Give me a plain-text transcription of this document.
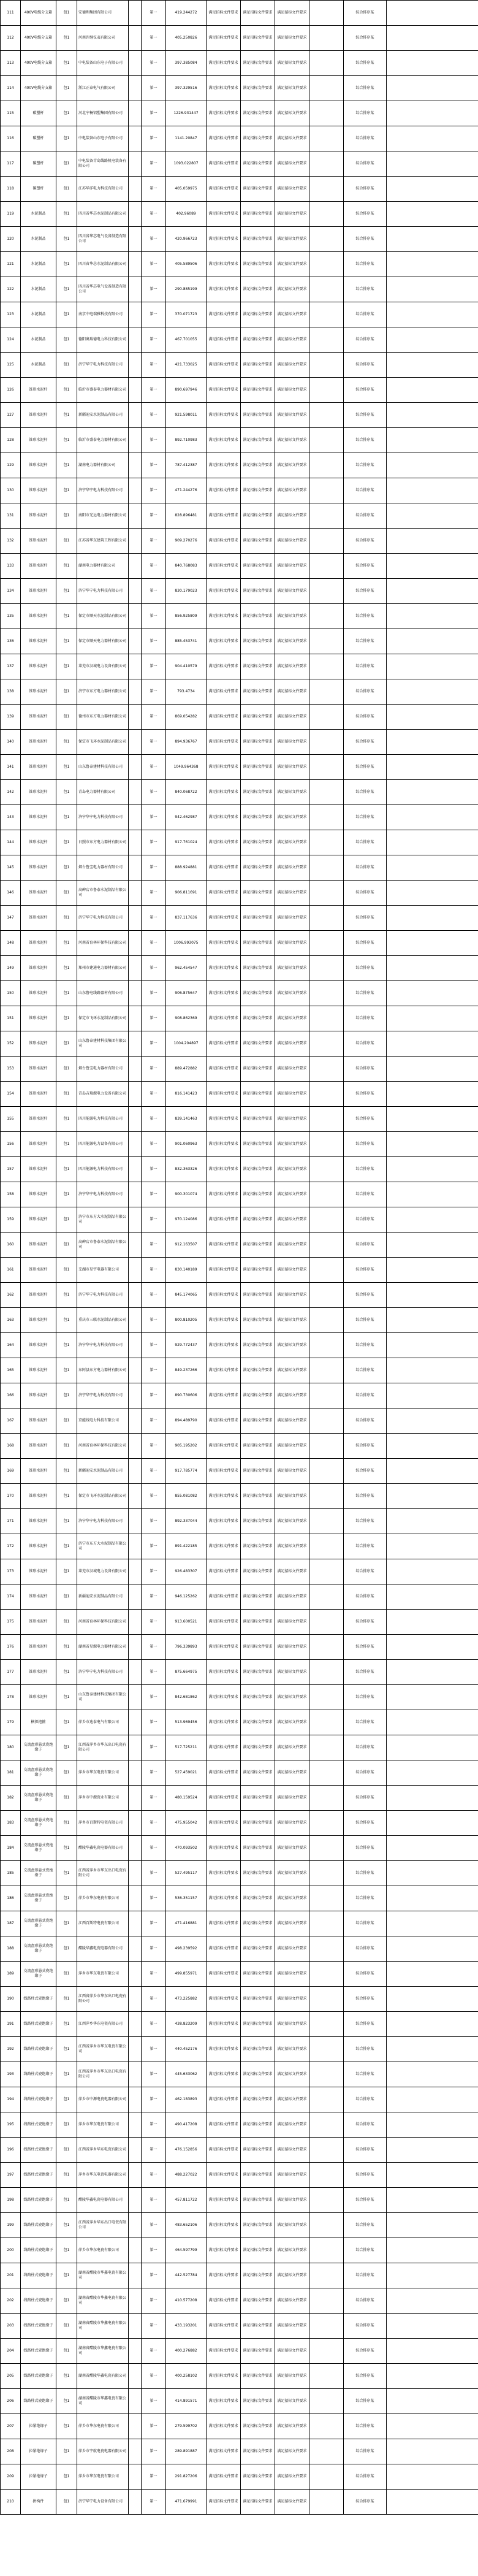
111	400V电缆分支箱	包1	安德利集团有限公司		第一	419.244272	满足招标文件要求	满足招标文件要求	满足招标文件要求		综合排序某	
112	400V电缆分支箱	包1	河南许继仪表有限公司		第一	405.250826	满足招标文件要求	满足招标文件要求	满足招标文件要求		综合排序某	
113	400V电缆分支箱	包1	中电装备山东电子有限公司		第一	397.385084	满足招标文件要求	满足招标文件要求	满足招标文件要求		综合排序某	
114	400V电缆分支箱	包1	浙江正泰电气有限公司		第一	397.329516	满足招标文件要求	满足招标文件要求	满足招标文件要求		综合排序某	
115	碳塑杆	包1	河北宁杨铝塑集团有限公司		第一	1226.931447	满足招标文件要求	满足招标文件要求	满足招标文件要求		综合排序某	
116	碳塑杆	包1	中电装备山东电子有限公司		第一	1141.20847	满足招标文件要求	满足招标文件要求	满足招标文件要求		综合排序某	
117	碳塑杆	包1	中电装备青岛线路机电装备有限公司		第一	1093.022807	满足招标文件要求	满足招标文件要求	满足招标文件要求		综合排序某	
118	碳塑杆	包1	江苏华洋电力科技有限公司		第一	405.059975	满足招标文件要求	满足招标文件要求	满足招标文件要求		综合排序某	
119	水泥制品	包1	四川省华芯水泥制品有限公司		第一	402.96089	满足招标文件要求	满足招标文件要求	满足招标文件要求		综合排序某	
120	水泥制品	包1	四川省华芯电气设备制造有限公司		第一	420.966723	满足招标文件要求	满足招标文件要求	满足招标文件要求		综合排序某	
121	水泥制品	包1	四川省华芯水泥制品有限公司		第一	405.589506	满足招标文件要求	满足招标文件要求	满足招标文件要求		综合排序某	
122	水泥制品	包1	四川省华芯电气设备制造有限公司		第一	290.885199	满足招标文件要求	满足招标文件要求	满足招标文件要求		综合排序某	
123	水泥制品	包1	南京中电瑞雅科技有限公司		第一	370.071723	满足招标文件要求	满足招标文件要求	满足招标文件要求		综合排序某	
124	水泥制品	包1	德阳奥瑞德电力科技有限公司		第一	467.701055	满足招标文件要求	满足招标文件要求	满足招标文件要求		综合排序某	
125	水泥制品	包1	济宁华宁电力科技有限公司		第一	421.733025	满足招标文件要求	满足招标文件要求	满足招标文件要求		综合排序某	
126	锥形水泥杆	包1	临沂市盛泰电力器材有限公司		第一	890.697946	满足招标文件要求	满足招标文件要求	满足招标文件要求		综合排序某	
127	锥形水泥杆	包1	新疆迪安水泥制品有限公司		第一	921.598011	满足招标文件要求	满足招标文件要求	满足招标文件要求		综合排序某	
128	锥形水泥杆	包1	临沂市盛泰电力器材有限公司		第一	892.710983	满足招标文件要求	满足招标文件要求	满足招标文件要求		综合排序某	
129	锥形水泥杆	包1	湖南电力器材有限公司		第一	787.412387	满足招标文件要求	满足招标文件要求	满足招标文件要求		综合排序某	
130	锥形水泥杆	包1	济宁华宁电力科技有限公司		第一	471.244276	满足招标文件要求	满足招标文件要求	满足招标文件要求		综合排序某	
131	锥形水泥杆	包1	南阳市光远电力器材有限公司		第一	828.896481	满足招标文件要求	满足招标文件要求	满足招标文件要求		综合排序某	
132	锥形水泥杆	包1	江苏省华东建筑工程有限公司		第一	909.270276	满足招标文件要求	满足招标文件要求	满足招标文件要求		综合排序某	
133	锥形水泥杆	包1	湖南电力器材有限公司		第一	840.768083	满足招标文件要求	满足招标文件要求	满足招标文件要求		综合排序某	
134	锥形水泥杆	包1	济宁华宁电力科技有限公司		第一	830.179023	满足招标文件要求	满足招标文件要求	满足招标文件要求		综合排序某	
135	锥形水泥杆	包1	保定市顺天水泥制品有限公司		第一	856.925809	满足招标文件要求	满足招标文件要求	满足招标文件要求		综合排序某	
136	锥形水泥杆	包1	保定市顺天电力器材有限公司		第一	885.453741	满足招标文件要求	满足招标文件要求	满足招标文件要求		综合排序某	
137	锥形水泥杆	包1	莱芜市汉城电力设备有限公司		第一	904.410579	满足招标文件要求	满足招标文件要求	满足招标文件要求		综合排序某	
138	锥形水泥杆	包1	济宁市东方电力器材有限公司		第一	793.4734	满足招标文件要求	满足招标文件要求	满足招标文件要求		综合排序某	
139	锥形水泥杆	包1	德州市东方电力器材有限公司		第一	869.054282	满足招标文件要求	满足招标文件要求	满足招标文件要求		综合排序某	
140	锥形水泥杆	包1	保定市飞环水泥制品有限公司		第一	894.936767	满足招标文件要求	满足招标文件要求	满足招标文件要求		综合排序某	
141	锥形水泥杆	包1	山东鲁泰建材科技有限公司		第一	1049.964368	满足招标文件要求	满足招标文件要求	满足招标文件要求		综合排序某	
142	锥形水泥杆	包1	青岛电力器材有限公司		第一	840.068722	满足招标文件要求	满足招标文件要求	满足招标文件要求		综合排序某	
143	锥形水泥杆	包1	济宁华宁电力科技有限公司		第一	942.462987	满足招标文件要求	满足招标文件要求	满足招标文件要求		综合排序某	
144	锥形水泥杆	包1	日照市东方电力器材有限公司		第一	917.761024	满足招标文件要求	满足招标文件要求	满足招标文件要求		综合排序某	
145	锥形水泥杆	包1	烟台鲁宝电力器材有限公司		第一	888.924881	满足招标文件要求	满足招标文件要求	满足招标文件要求		综合排序某	
146	锥形水泥杆	包1	高碑店市鲁泰水泥制品有限公司		第一	906.811691	满足招标文件要求	满足招标文件要求	满足招标文件要求		综合排序某	
147	锥形水泥杆	包1	济宁华宁电力科技有限公司		第一	837.117636	满足招标文件要求	满足招标文件要求	满足招标文件要求		综合排序某	
148	锥形水泥杆	包1	河南省育林环保科技有限公司		第一	1006.993075	满足招标文件要求	满足招标文件要求	满足招标文件要求		综合排序某	
149	锥形水泥杆	包1	郑州市建通电力器材有限公司		第一	962.454547	满足招标文件要求	满足招标文件要求	满足招标文件要求		综合排序某	
150	锥形水泥杆	包1	山东鲁电线路器材有限公司		第一	906.875647	满足招标文件要求	满足招标文件要求	满足招标文件要求		综合排序某	
151	锥形水泥杆	包1	保定市飞环水泥制品有限公司		第一	908.862369	满足招标文件要求	满足招标文件要求	满足招标文件要求		综合排序某	
152	锥形水泥杆	包1	山东鲁泰建材科技集团有限公司		第一	1004.204897	满足招标文件要求	满足招标文件要求	满足招标文件要求		综合排序某	
153	锥形水泥杆	包1	烟台鲁宝电力器材有限公司		第一	889.472882	满足招标文件要求	满足招标文件要求	满足招标文件要求		综合排序某	
154	锥形水泥杆	包1	青岛吉瑞源电力设备有限公司		第一	816.141423	满足招标文件要求	满足招标文件要求	满足招标文件要求		综合排序某	
155	锥形水泥杆	包1	四川能源电力科技有限公司		第一	839.141463	满足招标文件要求	满足招标文件要求	满足招标文件要求		综合排序某	
156	锥形水泥杆	包1	四川能源电力设备有限公司		第一	901.060963	满足招标文件要求	满足招标文件要求	满足招标文件要求		综合排序某	
157	锥形水泥杆	包1	四川能源电力科技有限公司		第一	832.363326	满足招标文件要求	满足招标文件要求	满足招标文件要求		综合排序某	
158	锥形水泥杆	包1	济宁华宁电力科技有限公司		第一	900.301074	满足招标文件要求	满足招标文件要求	满足招标文件要求		综合排序某	
159	锥形水泥杆	包1	济宁市东方大水泥制品有限公司		第一	970.124086	满足招标文件要求	满足招标文件要求	满足招标文件要求		综合排序某	
160	锥形水泥杆	包1	高碑店市鲁泰水泥制品有限公司		第一	912.163507	满足招标文件要求	满足招标文件要求	满足招标文件要求		综合排序某	
161	锥形水泥杆	包1	芜湖市星宇电器有限公司		第一	830.140189	满足招标文件要求	满足招标文件要求	满足招标文件要求		综合排序某	
162	锥形水泥杆	包1	济宁华宁电力科技有限公司		第一	845.174065	满足招标文件要求	满足招标文件要求	满足招标文件要求		综合排序某	
163	锥形水泥杆	包1	重庆市三联水泥制品有限公司		第一	800.810205	满足招标文件要求	满足招标文件要求	满足招标文件要求		综合排序某	
164	锥形水泥杆	包1	济宁华宁电力科技有限公司		第一	929.772437	满足招标文件要求	满足招标文件要求	满足招标文件要求		综合排序某	
165	锥形水泥杆	包1	东阿县东方电力器材有限公司		第一	849.237266	满足招标文件要求	满足招标文件要求	满足招标文件要求		综合排序某	
166	锥形水泥杆	包1	济宁华宁电力科技有限公司		第一	890.730606	满足招标文件要求	满足招标文件要求	满足招标文件要求		综合排序某	
167	锥形水泥杆	包1	京能线电力科技有限公司		第一	894.489790	满足招标文件要求	满足招标文件要求	满足招标文件要求		综合排序某	
168	锥形水泥杆	包1	河南省育林环保科技有限公司		第一	905.195202	满足招标文件要求	满足招标文件要求	满足招标文件要求		综合排序某	
169	锥形水泥杆	包1	新疆迪安水泥制品有限公司		第一	917.785774	满足招标文件要求	满足招标文件要求	满足招标文件要求		综合排序某	
170	锥形水泥杆	包1	保定市飞环水泥制品有限公司		第一	855.081082	满足招标文件要求	满足招标文件要求	满足招标文件要求		综合排序某	
171	锥形水泥杆	包1	济宁华宁电力科技有限公司		第一	892.337044	满足招标文件要求	满足招标文件要求	满足招标文件要求		综合排序某	
172	锥形水泥杆	包1	济宁市东方大水泥制品有限公司		第一	891.422185	满足招标文件要求	满足招标文件要求	满足招标文件要求		综合排序某	
173	锥形水泥杆	包1	莱芜市汉城电力设备有限公司		第一	926.483307	满足招标文件要求	满足招标文件要求	满足招标文件要求		综合排序某	
174	锥形水泥杆	包1	新疆迪安水泥制品有限公司		第一	946.125262	满足招标文件要求	满足招标文件要求	满足招标文件要求		综合排序某	
175	锥形水泥杆	包1	河南省育林环保科技有限公司		第一	913.600521	满足招标文件要求	满足招标文件要求	满足招标文件要求		综合排序某	
176	锥形水泥杆	包1	湖南省星源电力器材有限公司		第一	796.339893	满足招标文件要求	满足招标文件要求	满足招标文件要求		综合排序某	
177	锥形水泥杆	包1	济宁华宁电力科技有限公司		第一	875.664975	满足招标文件要求	满足招标文件要求	满足招标文件要求		综合排序某	
178	锥形水泥杆	包1	山东鲁泰建材科技集团有限公司		第一	842.681862	满足招标文件要求	满足招标文件要求	满足招标文件要求		综合排序某	
179	横担抱箍	包1	萍乡市迪泰电气有限公司		第一	513.969456	满足招标文件要求	满足招标文件要求	满足招标文件要求		综合排序某	
180	交流盘形悬式瓷绝缘子	包1	江西省萍乡市华东出口电瓷有限公司		第一	517.725211	满足招标文件要求	满足招标文件要求	满足招标文件要求		综合排序某	
181	交流盘形悬式瓷绝缘子	包1	萍乡市华东电瓷有限公司		第一	527.459021	满足招标文件要求	满足招标文件要求	满足招标文件要求		综合排序某	
182	交流盘形悬式瓷绝缘子	包1	萍乡市中源瓷业有限公司		第一	480.159524	满足招标文件要求	满足招标文件要求	满足招标文件要求		综合排序某	
183	交流盘形悬式瓷绝缘子	包1	萍乡市百斯特电瓷有限公司		第一	475.955042	满足招标文件要求	满足招标文件要求	满足招标文件要求		综合排序某	
184	交流盘形悬式瓷绝缘子	包1	醴陵华鑫电瓷电器有限公司		第一	470.093502	满足招标文件要求	满足招标文件要求	满足招标文件要求		综合排序某	
185	交流盘形悬式瓷绝缘子	包1	江西省萍乡市华东出口电瓷有限公司		第一	527.495117	满足招标文件要求	满足招标文件要求	满足招标文件要求		综合排序某	
186	交流盘形悬式瓷绝缘子	包1	萍乡市华东电瓷有限公司		第一	536.351157	满足招标文件要求	满足招标文件要求	满足招标文件要求		综合排序某	
187	交流盘形悬式瓷绝缘子	包1	江西百斯特电瓷有限公司		第一	471.416881	满足招标文件要求	满足招标文件要求	满足招标文件要求		综合排序某	
188	交流盘形悬式瓷绝缘子	包1	醴陵华鑫电瓷电器有限公司		第一	498.239592	满足招标文件要求	满足招标文件要求	满足招标文件要求		综合排序某	
189	交流盘形悬式瓷绝缘子	包1	萍乡市华东电瓷有限公司		第一	499.855971	满足招标文件要求	满足招标文件要求	满足招标文件要求		综合排序某	
190	线路柱式瓷绝缘子	包1	江西省萍乡市华东出口电瓷有限公司		第一	473.225882	满足招标文件要求	满足招标文件要求	满足招标文件要求		综合排序某	
191	线路柱式瓷绝缘子	包1	江西萍乡华东电瓷有限公司		第一	438.823209	满足招标文件要求	满足招标文件要求	满足招标文件要求		综合排序某	
192	线路柱式瓷绝缘子	包1	江西省萍乡市华东电瓷有限公司		第一	440.452176	满足招标文件要求	满足招标文件要求	满足招标文件要求		综合排序某	
193	线路柱式瓷绝缘子	包1	江西省萍乡市华东出口电瓷有限公司		第一	445.633062	满足招标文件要求	满足招标文件要求	满足招标文件要求		综合排序某	
194	线路柱式瓷绝缘子	包1	萍乡市中源电瓷电器有限公司		第一	462.183893	满足招标文件要求	满足招标文件要求	满足招标文件要求		综合排序某	
195	线路柱式瓷绝缘子	包1	萍乡市华东电瓷有限公司		第一	490.417208	满足招标文件要求	满足招标文件要求	满足招标文件要求		综合排序某	
196	线路柱式瓷绝缘子	包1	江西省萍乡华东电瓷有限公司		第一	476.152856	满足招标文件要求	满足招标文件要求	满足招标文件要求		综合排序某	
197	线路柱式瓷绝缘子	包1	萍乡市华东电瓷电器有限公司		第一	488.227022	满足招标文件要求	满足招标文件要求	满足招标文件要求		综合排序某	
198	线路柱式瓷绝缘子	包1	醴陵华鑫电瓷电器有限公司		第一	457.811722	满足招标文件要求	满足招标文件要求	满足招标文件要求		综合排序某	
199	线路柱式瓷绝缘子	包1	江西省萍乡华东出口电瓷有限公司		第一	483.652106	满足招标文件要求	满足招标文件要求	满足招标文件要求		综合排序某	
200	线路柱式瓷绝缘子	包1	萍乡市华东电瓷有限公司		第一	464.597799	满足招标文件要求	满足招标文件要求	满足招标文件要求		综合排序某	
201	线路柱式瓷绝缘子	包1	湖南省醴陵市华鑫电瓷有限公司		第一	442.527784	满足招标文件要求	满足招标文件要求	满足招标文件要求		综合排序某	
202	线路柱式瓷绝缘子	包1	湖南省醴陵市华鑫电瓷有限公司		第一	410.577208	满足招标文件要求	满足招标文件要求	满足招标文件要求		综合排序某	
203	线路柱式瓷绝缘子	包1	湖南省醴陵市华鑫电瓷有限公司		第一	433.193201	满足招标文件要求	满足招标文件要求	满足招标文件要求		综合排序某	
204	线路柱式瓷绝缘子	包1	湖南省醴陵市华鑫电瓷有限公司		第一	400.276882	满足招标文件要求	满足招标文件要求	满足招标文件要求		综合排序某	
205	线路柱式瓷绝缘子	包1	湖南省醴陵华鑫电瓷有限公司		第一	400.258102	满足招标文件要求	满足招标文件要求	满足招标文件要求		综合排序某	
206	线路柱式瓷绝缘子	包1	湖南省醴陵市华鑫电瓷有限公司		第一	414.891571	满足招标文件要求	满足招标文件要求	满足招标文件要求		综合排序某	
207	拉紧绝缘子	包1	萍乡市华东电瓷有限公司		第一	279.599702	满足招标文件要求	满足招标文件要求	满足招标文件要求		综合排序某	
208	拉紧绝缘子	包1	萍乡市宇航电瓷电器有限公司		第一	289.891887	满足招标文件要求	满足招标文件要求	满足招标文件要求		综合排序某	
209	拉紧绝缘子	包1	萍乡市华东电瓷有限公司		第一	291.827206	满足招标文件要求	满足招标文件要求	满足招标文件要求		综合排序某	
210	拼构件	包1	济宁华宁电力设备有限公司		第一	471.679991	满足招标文件要求	满足招标文件要求	满足招标文件要求		综合排序某	
